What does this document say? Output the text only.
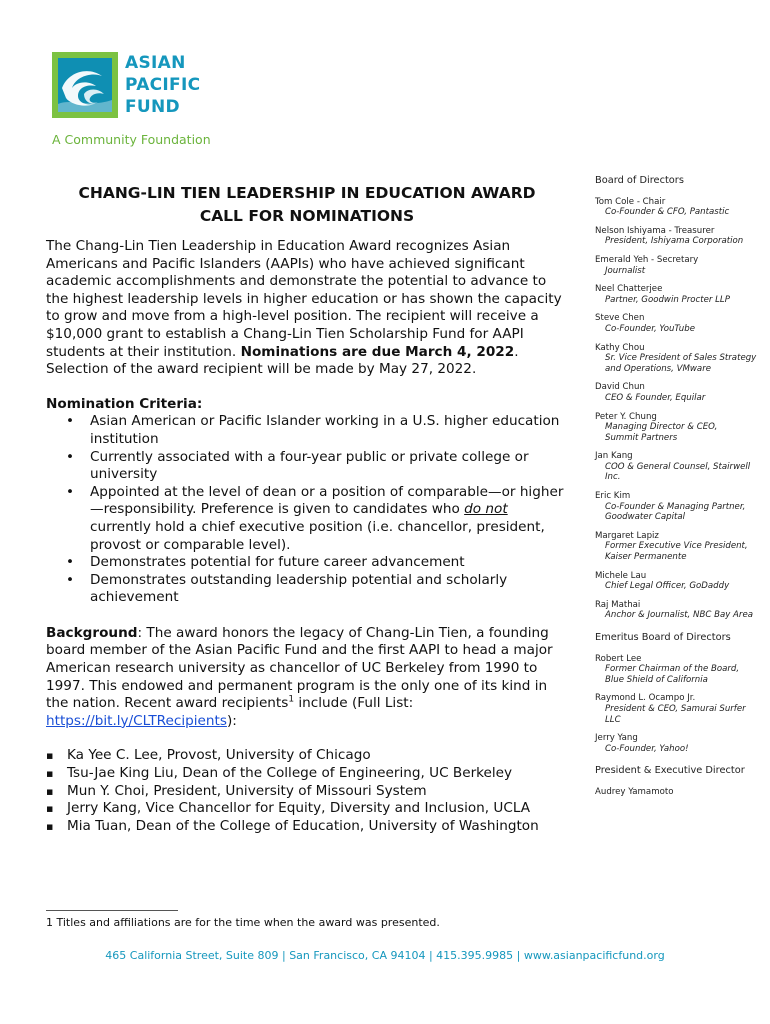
ASIAN
PACIFIC
FUND
A Community Foundation
CHANG-LIN TIEN LEADERSHIP IN EDUCATION AWARD
CALL FOR NOMINATIONS

The Chang-Lin Tien Leadership in Education Award recognizes Asian Americans and Pacific Islanders (AAPIs) who have achieved significant academic accomplishments and demonstrate the potential to advance to the highest leadership levels in higher education or has shown the capacity to grow and move from a high-level position. The recipient will receive a $10,000 grant to establish a Chang-Lin Tien Scholarship Fund for AAPI students at their institution. Nominations are due March 4, 2022. Selection of the award recipient will be made by May 27, 2022.

Nomination Criteria:

• Asian American or Pacific Islander working in a U.S. higher education institution
• Currently associated with a four-year public or private college or university
• Appointed at the level of dean or a position of comparable—or higher—responsibility. Preference is given to candidates who do not currently hold a chief executive position (i.e. chancellor, president, provost or comparable level).
• Demonstrates potential for future career advancement
• Demonstrates outstanding leadership potential and scholarly achievement

Background: The award honors the legacy of Chang-Lin Tien, a founding board member of the Asian Pacific Fund and the first AAPI to head a major American research university as chancellor of UC Berkeley from 1990 to 1997. This endowed and permanent program is the only one of its kind in the nation. Recent award recipients$^1$ include (Full List: https://bit.ly/CLTRecipients):

▪ Ka Yee C. Lee, Provost, University of Chicago
▪ Tsu-Jae King Liu, Dean of the College of Engineering, UC Berkeley
▪ Mun Y. Choi, President, University of Missouri System
▪ Jerry Kang, Vice Chancellor for Equity, Diversity and Inclusion, UCLA
▪ Mia Tuan, Dean of the College of Education, University of Washington
1 Titles and affiliations are for the time when the award was presented.
465 California Street, Suite 809 | San Francisco, CA 94104 | 415.395.9985 | www.asianpacificfund.org
Board of Directors
Tom Cole - Chair
Co-Founder & CFO, Pantastic
Nelson Ishiyama - Treasurer
President, Ishiyama Corporation
Emerald Yeh - Secretary
Journalist
Neel Chatterjee
Partner, Goodwin Procter LLP
Steve Chen
Co-Founder, YouTube
Kathy Chou
Sr. Vice President of Sales Strategy
and Operations, VMware
David Chun
CEO & Founder, Equilar
Peter Y. Chung
Managing Director & CEO,
Summit Partners
Jan Kang
COO & General Counsel, Stairwell
Inc.
Eric Kim
Co-Founder & Managing Partner,
Goodwater Capital
Margaret Lapiz
Former Executive Vice President,
Kaiser Permanente
Michele Lau
Chief Legal Officer, GoDaddy
Raj Mathai
Anchor & Journalist, NBC Bay Area
Emeritus Board of Directors
Robert Lee
Former Chairman of the Board,
Blue Shield of California
Raymond L. Ocampo Jr.
President & CEO, Samurai Surfer
LLC
Jerry Yang
Co-Founder, Yahoo!
President & Executive Director
Audrey Yamamoto
